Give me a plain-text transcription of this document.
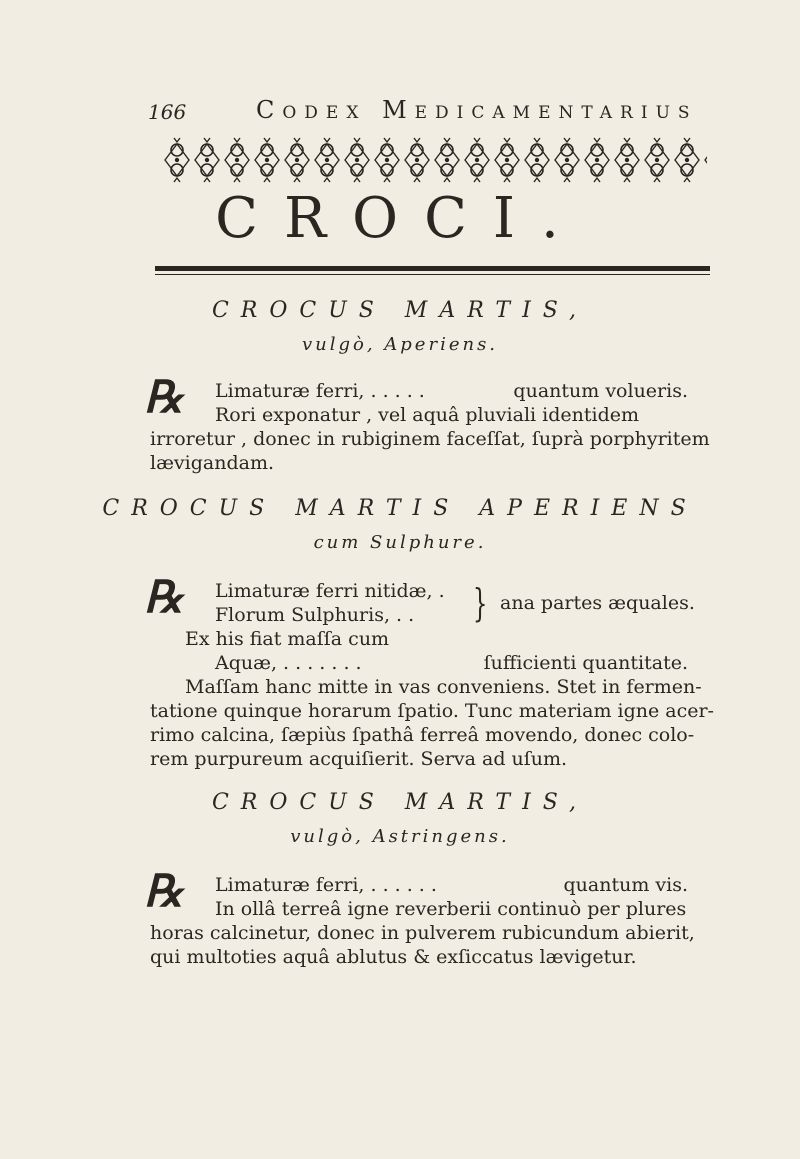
166	Codex Medicamentarius
CROCI.
CROCUS MARTIS,
vulgò, Aperiens.
℞ Limaturæ ferri, . . . . .	quantum volueris.
Rori exponatur , vel aquâ pluviali identidem
irroretur , donec in rubiginem faceſſat, ſuprà porphyritem
lævigandam.
CROCUS MARTIS APERIENS
cum Sulphure.
℞ Limaturæ ferri nitidæ, .
Florum Sulphuris, . . } ana partes æquales.
Ex his fiat maſſa cum
Aquæ, . . . . . . .	ſufficienti quantitate.
Maſſam hanc mitte in vas conveniens. Stet in fermen-
tatione quinque horarum ſpatio. Tunc materiam igne acer-
rimo calcina, ſæpiùs ſpathâ ferreâ movendo, donec colo-
rem purpureum acquiſierit. Serva ad uſum.
CROCUS MARTIS,
vulgò, Astringens.
℞ Limaturæ ferri, . . . . . .	quantum vis.
In ollâ terreâ igne reverberii continuò per plures
horas calcinetur, donec in pulverem rubicundum abierit,
qui multoties aquâ ablutus & exſiccatus lævigetur.
